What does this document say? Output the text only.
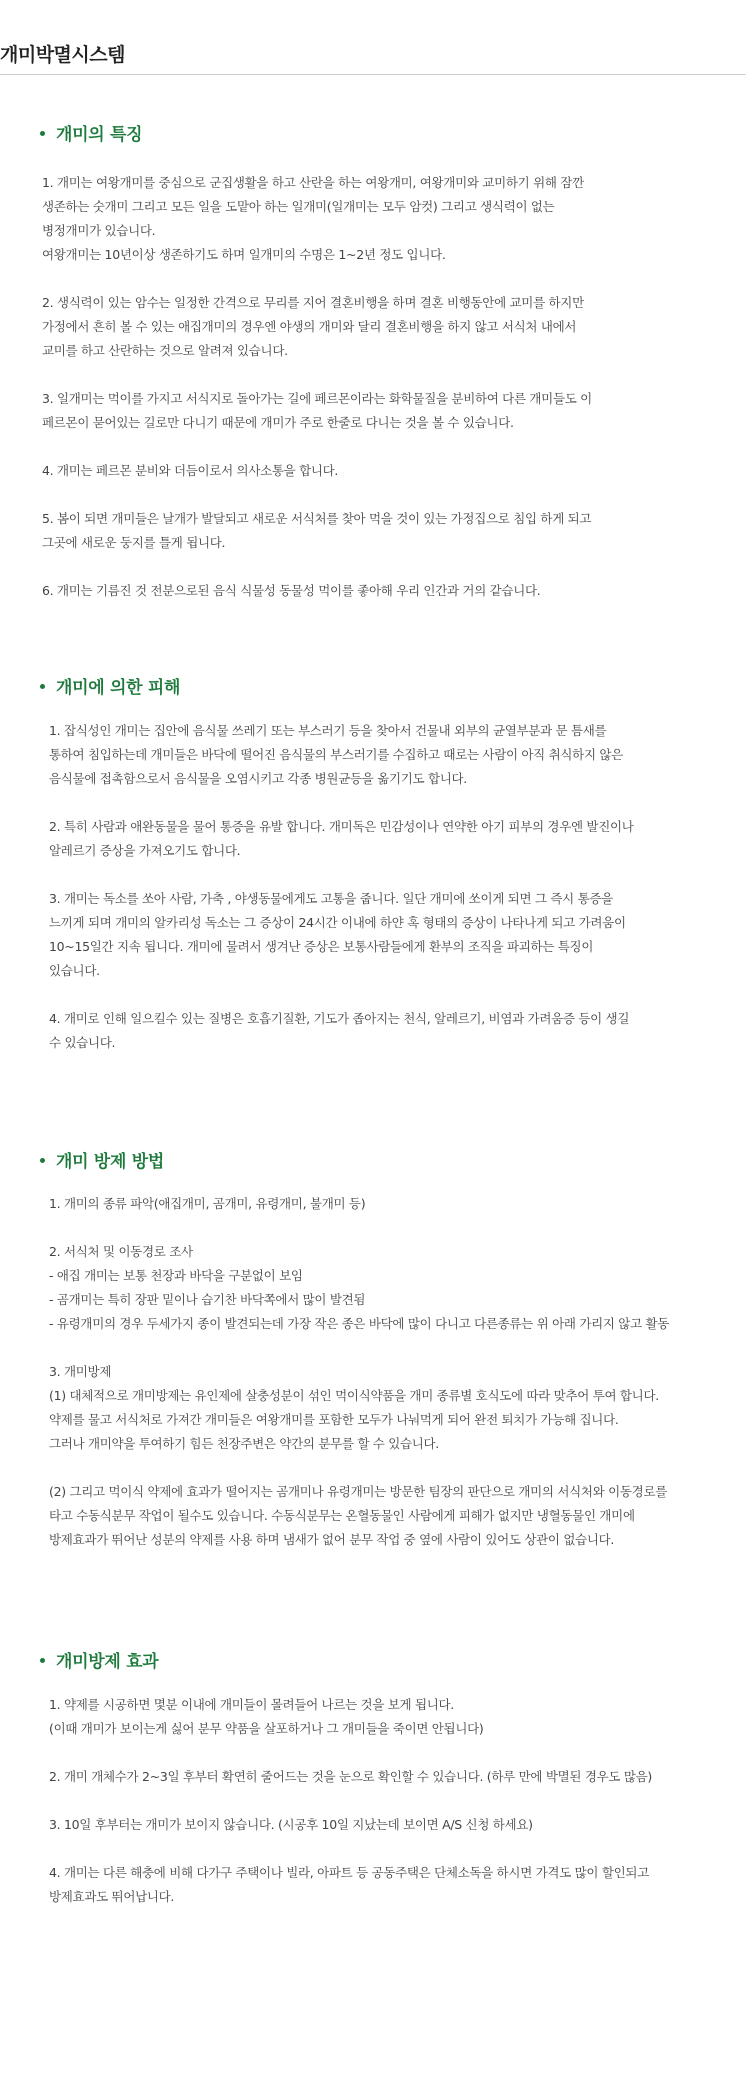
개미박멸시스템
개미의 특징
1. 개미는 여왕개미를 중심으로 군집생활을 하고 산란을 하는 여왕개미, 여왕개미와 교미하기 위해 잠깐
생존하는 숫개미 그리고 모든 일을 도맡아 하는 일개미(일개미는 모두 암컷) 그리고 생식력이 없는
병정개미가 있습니다.
여왕개미는 10년이상 생존하기도 하며 일개미의 수명은 1~2년 정도 입니다.
2. 생식력이 있는 암수는 일정한 간격으로 무리를 지어 결혼비행을 하며 결혼 비행동안에 교미를 하지만
가정에서 흔히 볼 수 있는 애집개미의 경우엔 야생의 개미와 달리 결혼비행을 하지 않고 서식처 내에서
교미를 하고 산란하는 것으로 알려져 있습니다.
3. 일개미는 먹이를 가지고 서식지로 돌아가는 길에 페르몬이라는 화학물질을 분비하여 다른 개미들도 이
페르몬이 묻어있는 길로만 다니기 때문에 개미가 주로 한줄로 다니는 것을 볼 수 있습니다.
4. 개미는 페르몬 분비와 더듬이로서 의사소통을 합니다.
5. 봄이 되면 개미들은 날개가 발달되고 새로운 서식처를 찾아 먹을 것이 있는 가정집으로 침입 하게 되고
그곳에 새로운 둥지를 틀게 됩니다.
6. 개미는 기름진 것 전분으로된 음식 식물성 동물성 먹이를 좋아해 우리 인간과 거의 같습니다.
개미에 의한 피해
1. 잡식성인 개미는 집안에 음식물 쓰레기 또는 부스러기 등을 찾아서 건물내 외부의 균열부분과 문 틈새를
통하여 침입하는데 개미들은 바닥에 떨어진 음식물의 부스러기를 수집하고 때로는 사람이 아직 취식하지 않은
음식물에 접촉함으로서 음식물을 오염시키고 각종 병원균등을 옮기기도 합니다.
2. 특히 사람과 애완동물을 물어 통증을 유발 합니다. 개미독은 민감성이나 연약한 아기 피부의 경우엔 발진이나
알레르기 증상을 가져오기도 합니다.
3. 개미는 독소를 쏘아 사람, 가축 , 야생동물에게도 고통을 줍니다. 일단 개미에 쏘이게 되면 그 즉시 통증을
느끼게 되며 개미의 알카리성 독소는 그 증상이 24시간 이내에 하얀 혹 형태의 증상이 나타나게 되고 가려움이
10~15일간 지속 됩니다. 개미에 물려서 생겨난 증상은 보통사람들에게 환부의 조직을 파괴하는 특징이
있습니다.
4. 개미로 인해 일으킬수 있는 질병은 호흡기질환, 기도가 좁아지는 천식, 알레르기, 비염과 가려움증 등이 생길
수 있습니다.
개미 방제 방법
1. 개미의 종류 파악(애집개미, 곰개미, 유령개미, 불개미 등)
2. 서식처 및 이동경로 조사
- 애집 개미는 보통 천장과 바닥을 구분없이 보임
- 곰개미는 특히 장판 밑이나 습기찬 바닥쪽에서 많이 발견됨
- 유령개미의 경우 두세가지 종이 발견되는데 가장 작은 종은 바닥에 많이 다니고 다른종류는 위 아래 가리지 않고 활동
3. 개미방제
(1) 대체적으로 개미방제는 유인제에 살충성분이 섞인 먹이식약품을 개미 종류별 호식도에 따라 맞추어 투여 합니다.
약제를 물고 서식처로 가져간 개미들은 여왕개미를 포함한 모두가 나눠먹게 되어 완전 퇴치가 가능해 집니다.
그러나 개미약을 투여하기 힘든 천장주변은 약간의 분무를 할 수 있습니다.
(2) 그리고 먹이식 약제에 효과가 떨어지는 곰개미나 유령개미는 방문한 팀장의 판단으로 개미의 서식처와 이동경로를
타고 수동식분무 작업이 될수도 있습니다. 수동식분무는 온혈동물인 사람에게 피해가 없지만 냉혈동물인 개미에
방제효과가 뛰어난 성분의 약제를 사용 하며 냄새가 없어 분무 작업 중 옆에 사람이 있어도 상관이 없습니다.
개미방제 효과
1. 약제를 시공하면 몇분 이내에 개미들이 몰려들어 나르는 것을 보게 됩니다.
(이때 개미가 보이는게 싫어 분무 약품을 살포하거나 그 개미들을 죽이면 안됩니다)
2. 개미 개체수가 2~3일 후부터 확연히 줄어드는 것을 눈으로 확인할 수 있습니다. (하루 만에 박멸된 경우도 많음)
3. 10일 후부터는 개미가 보이지 않습니다. (시공후 10일 지났는데 보이면 A/S 신청 하세요)
4. 개미는 다른 해충에 비해 다가구 주택이나 빌라, 아파트 등 공동주택은 단체소독을 하시면 가격도 많이 할인되고
방제효과도 뛰어납니다.
